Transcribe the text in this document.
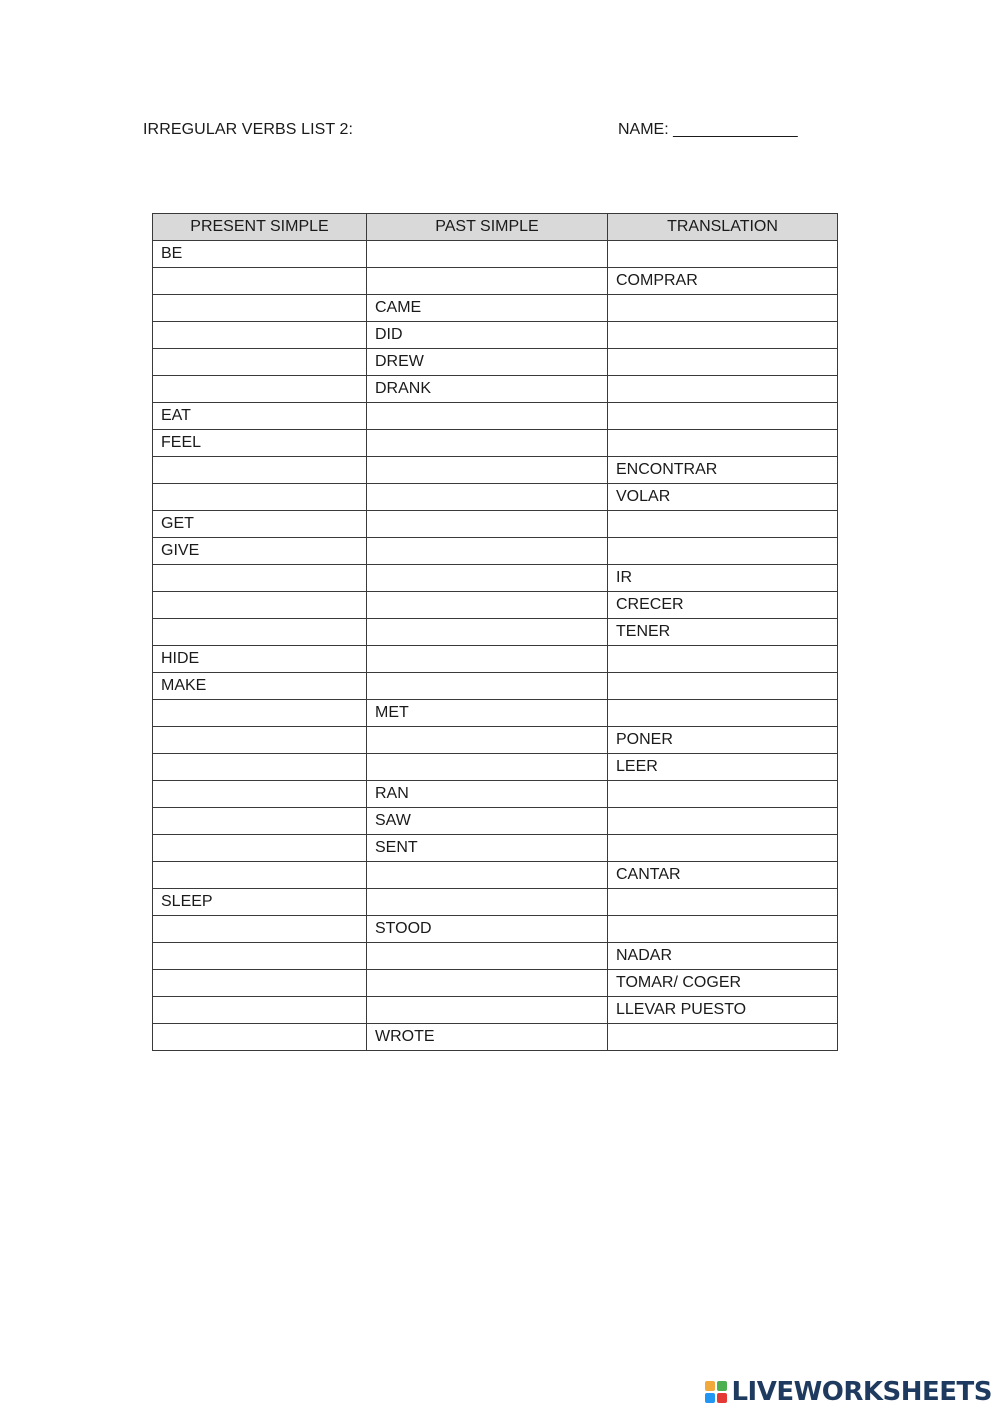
IRREGULAR VERBS LIST 2:	NAME: ______________
PRESENT SIMPLE	PAST SIMPLE	TRANSLATION
BE		
		COMPRAR
	CAME	
	DID	
	DREW	
	DRANK	
EAT		
FEEL		
		ENCONTRAR
		VOLAR
GET		
GIVE		
		IR
		CRECER
		TENER
HIDE		
MAKE		
	MET	
		PONER
		LEER
	RAN	
	SAW	
	SENT	
		CANTAR
SLEEP		
	STOOD	
		NADAR
		TOMAR/ COGER
		LLEVAR PUESTO
	WROTE	
LIVEWORKSHEETS
